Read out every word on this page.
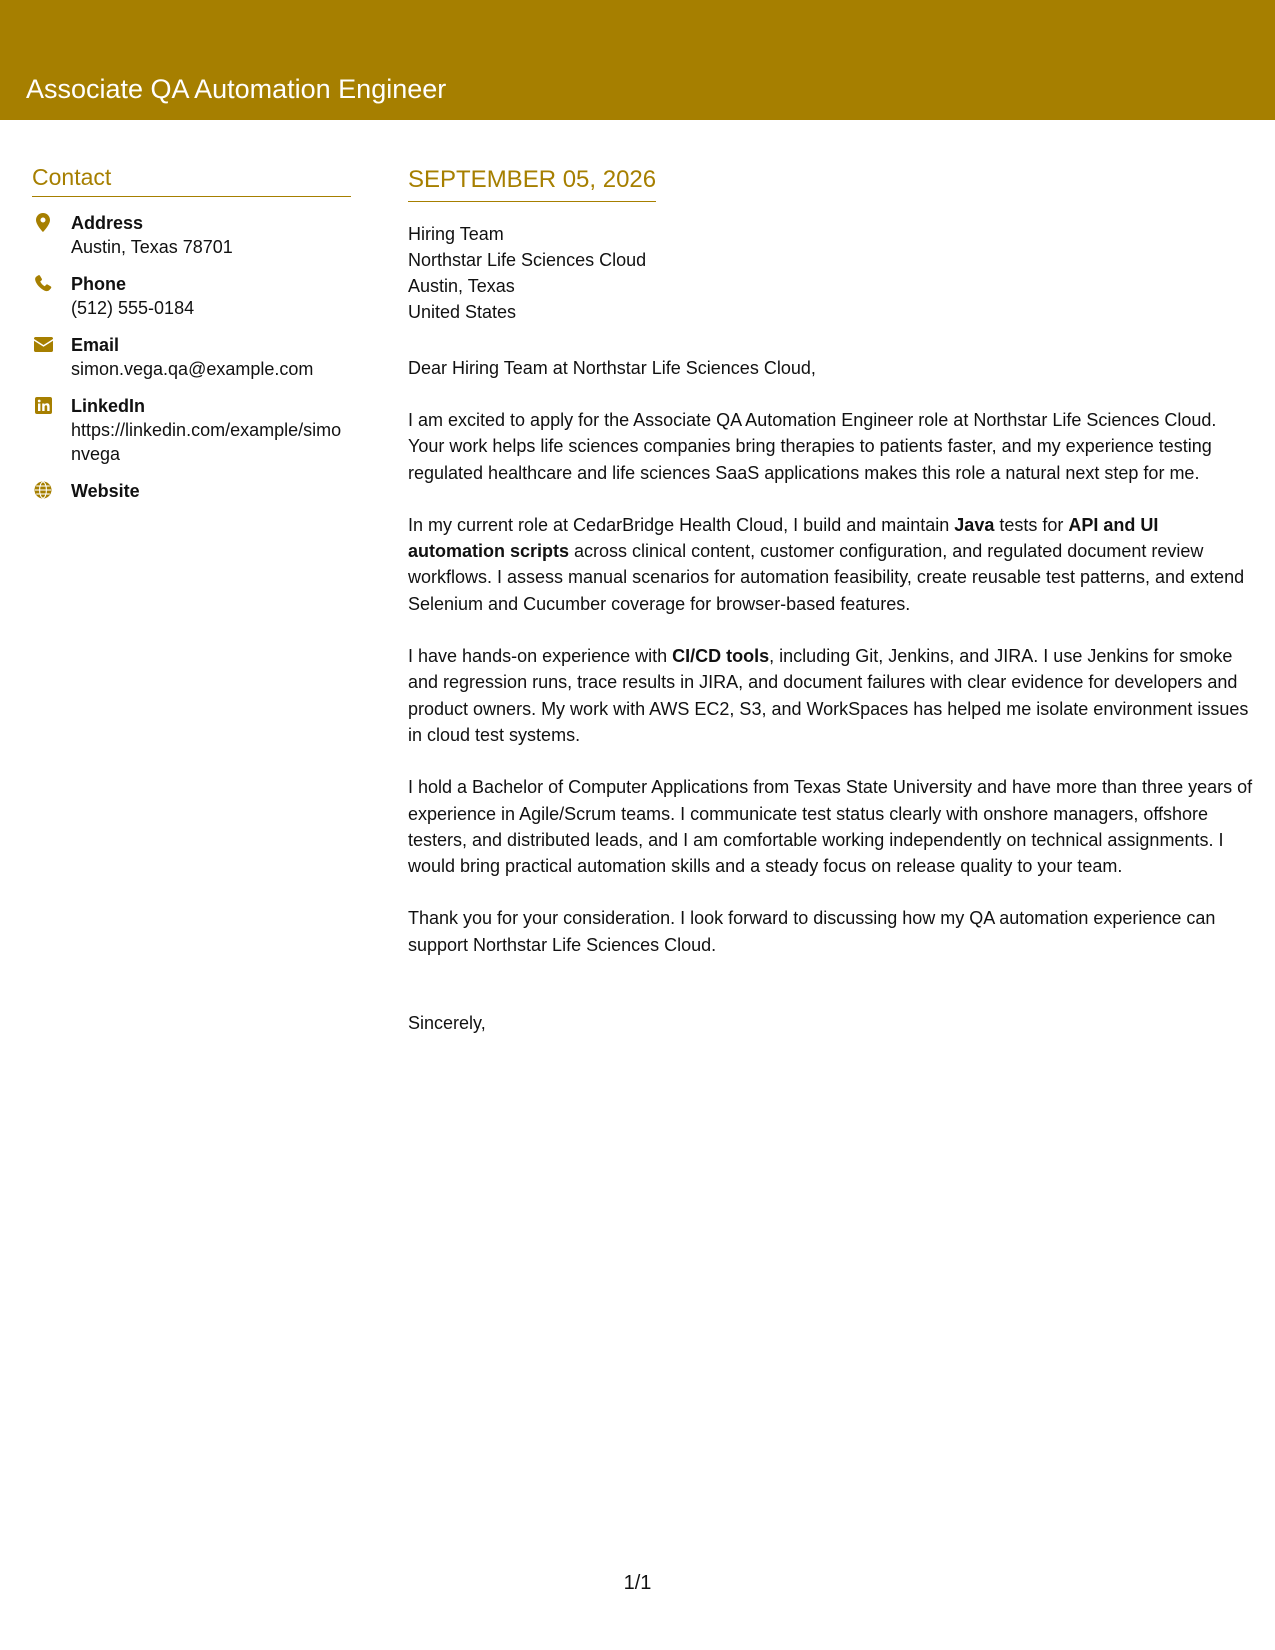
Associate QA Automation Engineer
Contact
Address
Austin, Texas 78701
Phone
(512) 555-0184
Email
simon.vega.qa@example.com
LinkedIn
https://linkedin.com/example/simonvega
Website
SEPTEMBER 05, 2026
Hiring Team
Northstar Life Sciences Cloud
Austin, Texas
United States
Dear Hiring Team at Northstar Life Sciences Cloud,
I am excited to apply for the Associate QA Automation Engineer role at Northstar Life Sciences Cloud. Your work helps life sciences companies bring therapies to patients faster, and my experience testing regulated healthcare and life sciences SaaS applications makes this role a natural next step for me.
In my current role at CedarBridge Health Cloud, I build and maintain Java tests for API and UI automation scripts across clinical content, customer configuration, and regulated document review workflows. I assess manual scenarios for automation feasibility, create reusable test patterns, and extend Selenium and Cucumber coverage for browser-based features.
I have hands-on experience with CI/CD tools, including Git, Jenkins, and JIRA. I use Jenkins for smoke and regression runs, trace results in JIRA, and document failures with clear evidence for developers and product owners. My work with AWS EC2, S3, and WorkSpaces has helped me isolate environment issues in cloud test systems.
I hold a Bachelor of Computer Applications from Texas State University and have more than three years of experience in Agile/Scrum teams. I communicate test status clearly with onshore managers, offshore testers, and distributed leads, and I am comfortable working independently on technical assignments. I would bring practical automation skills and a steady focus on release quality to your team.
Thank you for your consideration. I look forward to discussing how my QA automation experience can support Northstar Life Sciences Cloud.
Sincerely,
1/1
